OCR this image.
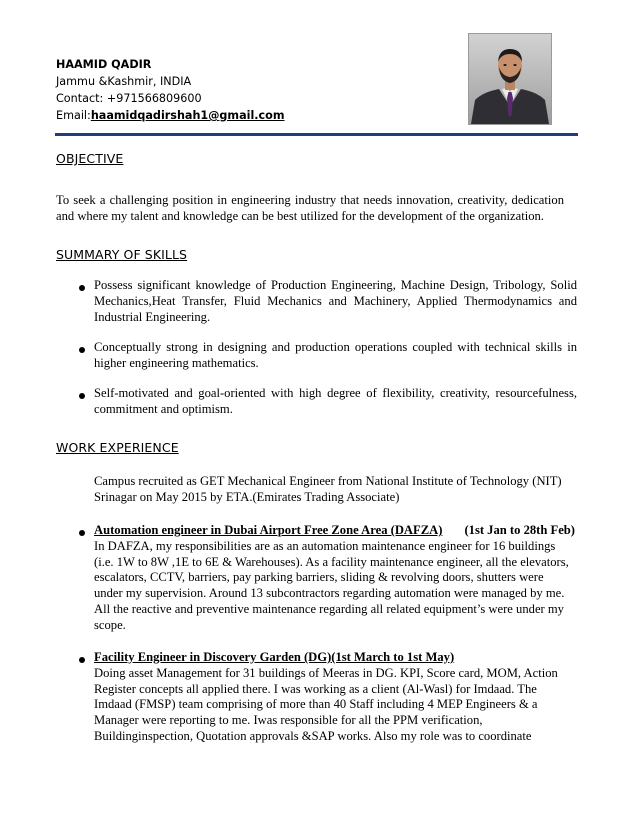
HAAMID QADIR
Jammu &Kashmir, INDIA
Contact: +971566809600
Email:haamidqadirshah1@gmail.com
OBJECTIVE
To seek a challenging position in engineering industry that needs innovation, creativity, dedication and where my talent and knowledge can be best utilized for the development of the organization.
SUMMARY OF SKILLS
Possess significant knowledge of Production Engineering, Machine Design, Tribology, Solid Mechanics,Heat Transfer, Fluid Mechanics and Machinery, Applied Thermodynamics and Industrial Engineering.
Conceptually strong in designing and production operations coupled with technical skills in higher engineering mathematics.
Self-motivated and goal-oriented with high degree of flexibility, creativity, resourcefulness, commitment and optimism.
WORK EXPERIENCE
Campus recruited as GET Mechanical Engineer from National Institute of Technology (NIT) Srinagar on May 2015 by ETA.(Emirates Trading Associate)
Automation engineer in Dubai Airport Free Zone Area (DAFZA) (1st Jan to 28th Feb)
In DAFZA, my responsibilities are as an automation maintenance engineer for 16 buildings (i.e. 1W to 8W ,1E to 6E & Warehouses). As a facility maintenance engineer, all the elevators, escalators, CCTV, barriers, pay parking barriers, sliding & revolving doors, shutters were under my supervision. Around 13 subcontractors regarding automation were managed by me. All the reactive and preventive maintenance regarding all related equipment’s were under my scope.
Facility Engineer in Discovery Garden (DG)(1st March to 1st May)
Doing asset Management for 31 buildings of Meeras in DG. KPI, Score card, MOM, Action Register concepts all applied there. I was working as a client (Al-Wasl) for Imdaad. The Imdaad (FMSP) team comprising of more than 40 Staff including 4 MEP Engineers & a Manager were reporting to me. Iwas responsible for all the PPM verification, Buildinginspection, Quotation approvals &SAP works. Also my role was to coordinate
